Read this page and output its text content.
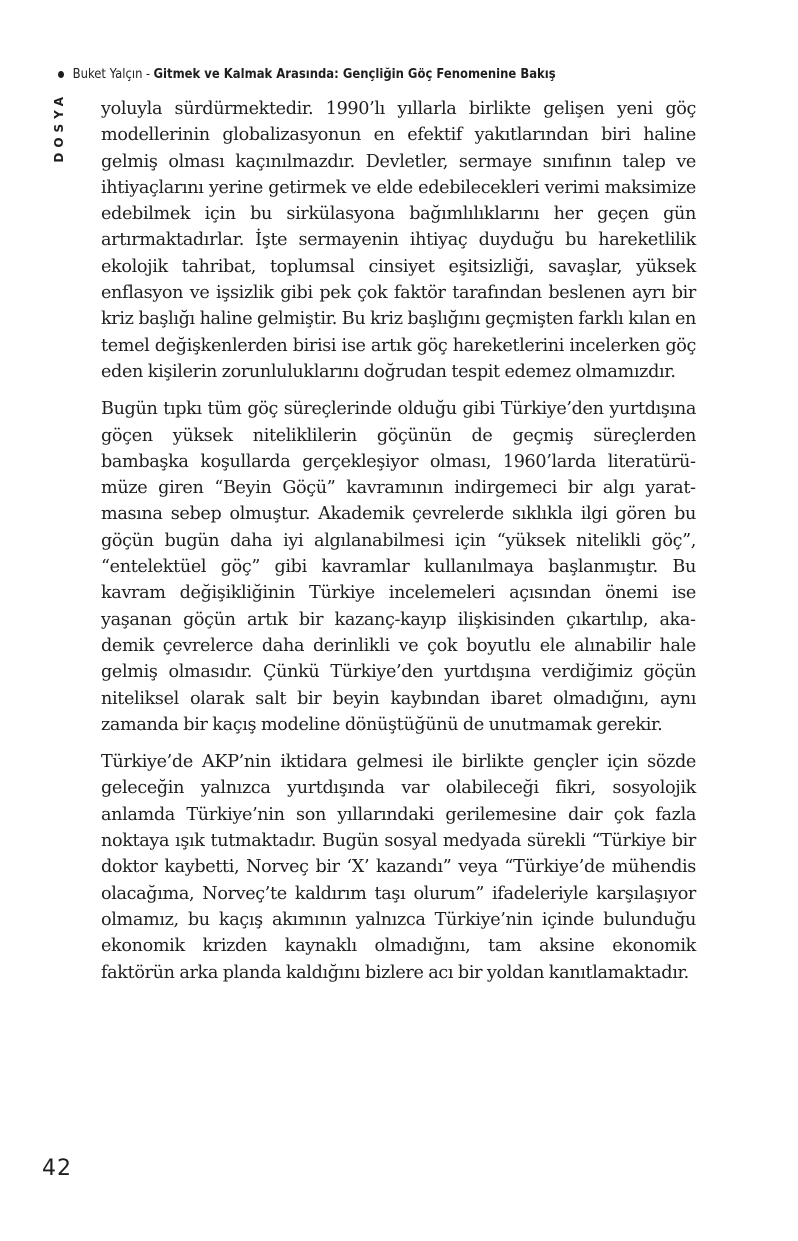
Buket Yalçın - Gitmek ve Kalmak Arasında: Gençliğin Göç Fenomenine Bakış
DOSYA yoluyla sürdürmektedir. 1990’lı yıllarla birlikte gelişen yeni göç modellerinin globalizasyonun en efektif yakıtlarından biri haline gelmiş olması kaçınılmazdır. Devletler, sermaye sınıfının talep ve ihtiyaçlarını yerine getirmek ve elde edebilecekleri verimi maksimize edebilmek için bu sirkülasyona bağımlılıklarını her geçen gün artırmaktadırlar. İşte sermayenin ihtiyaç duyduğu bu hareketlilik ekolojik tahribat, toplumsal cinsiyet eşitsizliği, savaşlar, yüksek enflasyon ve işsizlik gibi pek çok faktör tarafından beslenen ayrı bir kriz başlığı haline gelmiştir. Bu kriz başlığını geçmişten farklı kılan en temel değişkenlerden birisi ise artık göç hareketlerini incelerken göç eden kişilerin zorunluluklarını doğrudan tespit edemez olmamızdır.

Bugün tıpkı tüm göç süreçlerinde olduğu gibi Türkiye’den yurtdışına göçen yüksek niteliklilerin göçünün de geçmiş süreçlerden bambaşka koşullarda gerçekleşiyor olması, 1960’larda literatürümüze giren “Beyin Göçü” kavramının indirgemeci bir algı yaratmasına sebep olmuştur. Akademik çevrelerde sıklıkla ilgi gören bu göçün bugün daha iyi algılanabilmesi için “yüksek nitelikli göç”, “entelektüel göç” gibi kavramlar kullanılmaya başlanmıştır. Bu kavram değişikliğinin Türkiye incelemeleri açısından önemi ise yaşanan göçün artık bir kazanç-kayıp ilişkisinden çıkartılıp, akademik çevrelerce daha derinlikli ve çok boyutlu ele alınabilir hale gelmiş olmasıdır. Çünkü Türkiye’den yurtdışına verdiğimiz göçün niteliksel olarak salt bir beyin kaybından ibaret olmadığını, aynı zamanda bir kaçış modeline dönüştüğünü de unutmamak gerekir.

Türkiye’de AKP’nin iktidara gelmesi ile birlikte gençler için sözde geleceğin yalnızca yurtdışında var olabileceği fikri, sosyolojik anlamda Türkiye’nin son yıllarındaki gerilemesine dair çok fazla noktaya ışık tutmaktadır. Bugün sosyal medyada sürekli “Türkiye bir doktor kaybetti, Norveç bir ‘X’ kazandı” veya “Türkiye’de mühendis olacağıma, Norveç’te kaldırım taşı olurum” ifadeleriyle karşılaşıyor olmamız, bu kaçış akımının yalnızca Türkiye’nin içinde bulunduğu ekonomik krizden kaynaklı olmadığını, tam aksine ekonomik faktörün arka planda kaldığını bizlere acı bir yoldan kanıtlamaktadır.

42
